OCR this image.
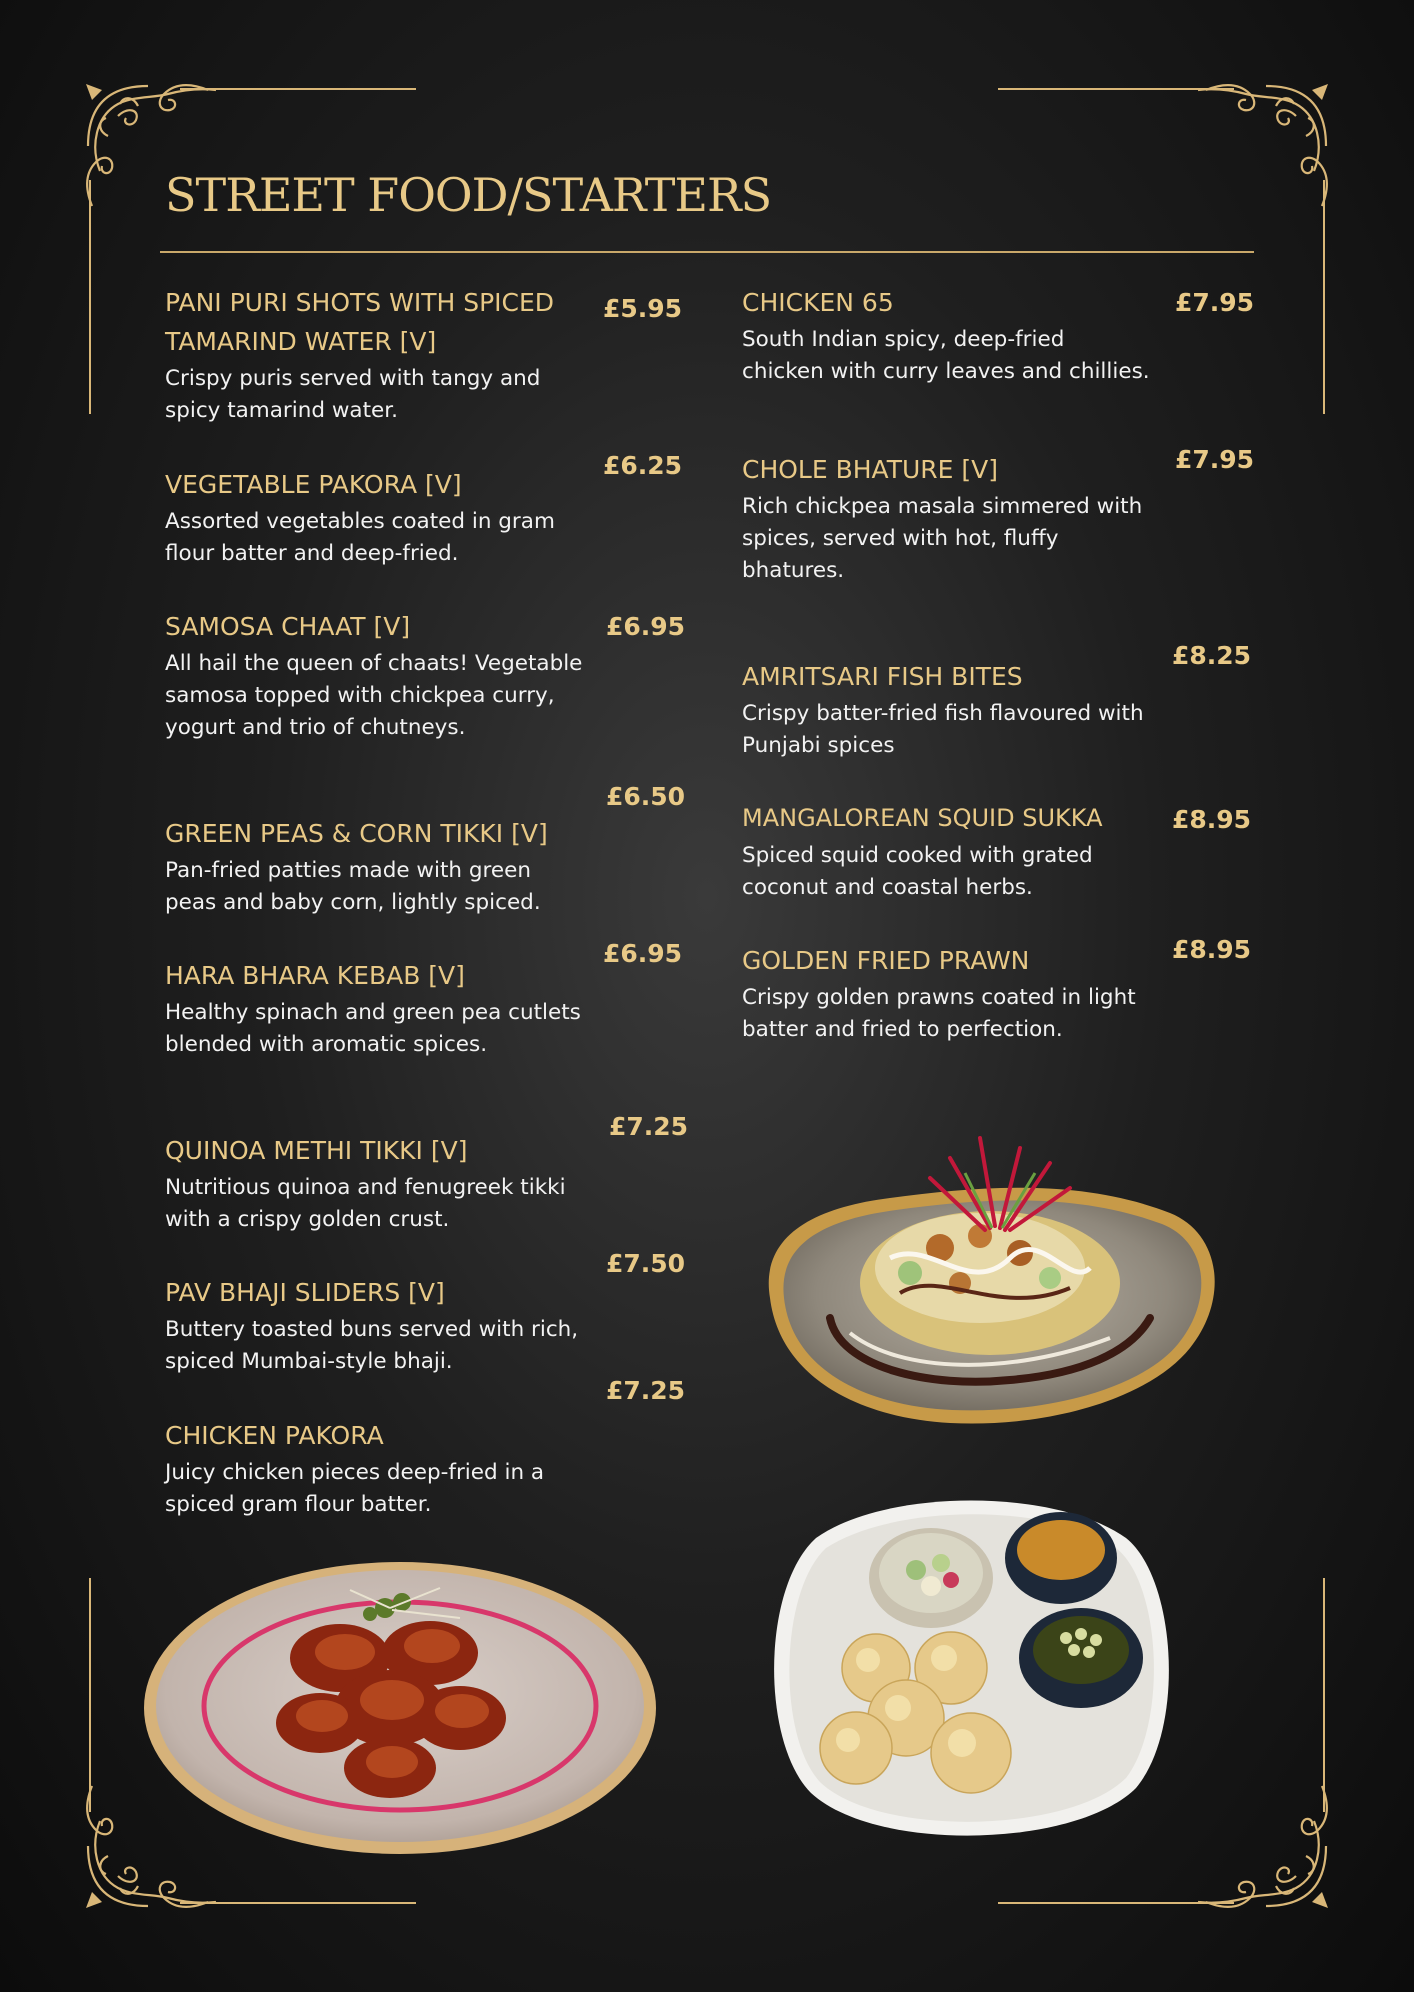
STREET FOOD/STARTERS
PANI PURI SHOTS WITH SPICED TAMARIND WATER [V]
Crispy puris served with tangy and spicy tamarind water.
£5.95
VEGETABLE PAKORA [V]
Assorted vegetables coated in gram flour batter and deep-fried.
£6.25
SAMOSA CHAAT [V]
All hail the queen of chaats! Vegetable samosa topped with chickpea curry, yogurt and trio of chutneys.
£6.95
GREEN PEAS & CORN TIKKI [V]
Pan-fried patties made with green peas and baby corn, lightly spiced.
£6.50
HARA BHARA KEBAB [V]
Healthy spinach and green pea cutlets blended with aromatic spices.
£6.95
QUINOA METHI TIKKI [V]
Nutritious quinoa and fenugreek tikki with a crispy golden crust.
£7.25
PAV BHAJI SLIDERS [V]
Buttery toasted buns served with rich, spiced Mumbai-style bhaji.
£7.50
CHICKEN PAKORA
Juicy chicken pieces deep-fried in a spiced gram flour batter.
£7.25
CHICKEN 65
South Indian spicy, deep-fried chicken with curry leaves and chillies.
£7.95
CHOLE BHATURE [V]
Rich chickpea masala simmered with spices, served with hot, fluffy bhatures.
£7.95
AMRITSARI FISH BITES
Crispy batter-fried fish flavoured with Punjabi spices
£8.25
MANGALOREAN SQUID SUKKA
Spiced squid cooked with grated coconut and coastal herbs.
£8.95
GOLDEN FRIED PRAWN
Crispy golden prawns coated in light batter and fried to perfection.
£8.95
